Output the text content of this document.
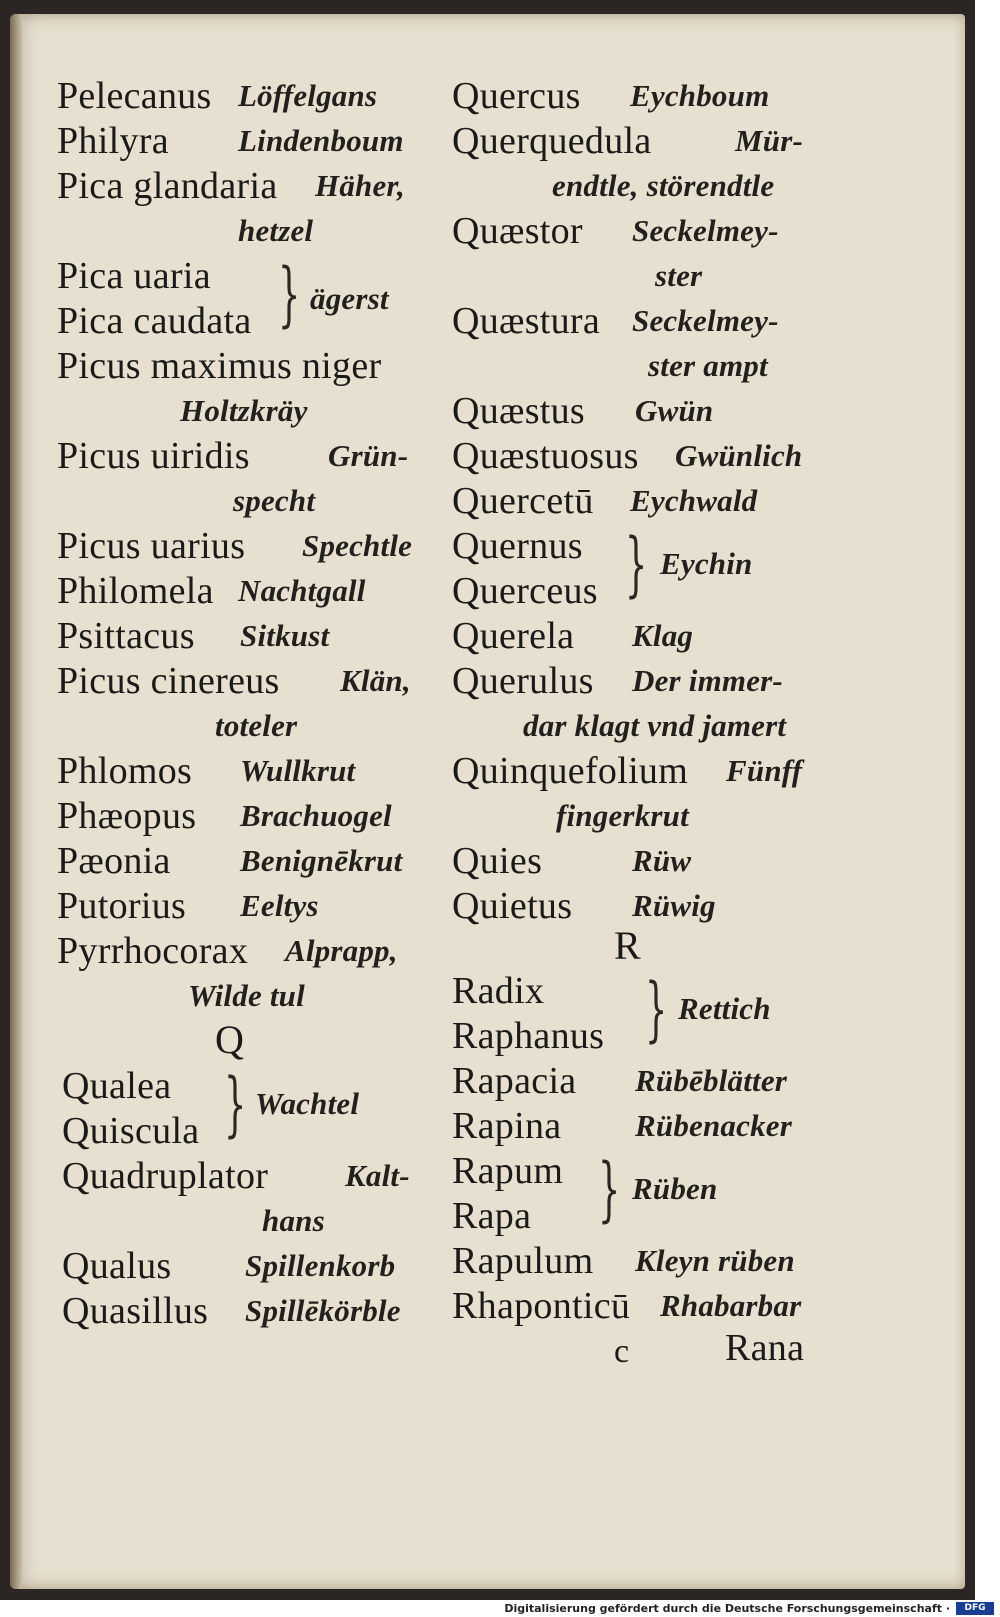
Pelecanus Löffelgans
Philyra Lindenboum
Pica glandaria Häher,
hetzel
Pica uaria
Pica caudata } ägerst
Picus maximus niger
Holtzkräy
Picus uiridis	Grün-
specht
Picus uarius Spechtle
Philomela Nachtgall
Psittacus Sitkust
Picus cinereus Klän,
toteler
Phlomos Wullkrut
Phæopus Brachuogel
Pæonia Benignēkrut
Putorius Eeltys
Pyrrhocorax Alprapp,
Wilde tul
Q
Qualea
Quiscula } Wachtel
Quadruplator Kalt-
hans
Qualus Spillenkorb
Quasillus Spillēkörble
Quercus Eychboum
Querquedula	Mür-
endtle, störendtle
Quæstor Seckelmey-
ster
Quæstura Seckelmey-
ster ampt
Quæstus Gwün
Quæstuosus Gwünlich
Quercetū Eychwald
Quernus
Querceus } Eychin
Querela Klag
Querulus Der immer-
dar klagt vnd jamert
Quinquefolium Fünff
fingerkrut
Quies	Rüw
Quietus Rüwig
R
Radix
Raphanus } Rettich
Rapacia Rübēblätter
Rapina Rübenacker
Rapum
Rapa } Rüben
Rapulum Kleyn rüben
Rhaponticū Rhabarbar
c	Rana
Digitalisierung gefördert durch die Deutsche Forschungsgemeinschaft ·	DFG
